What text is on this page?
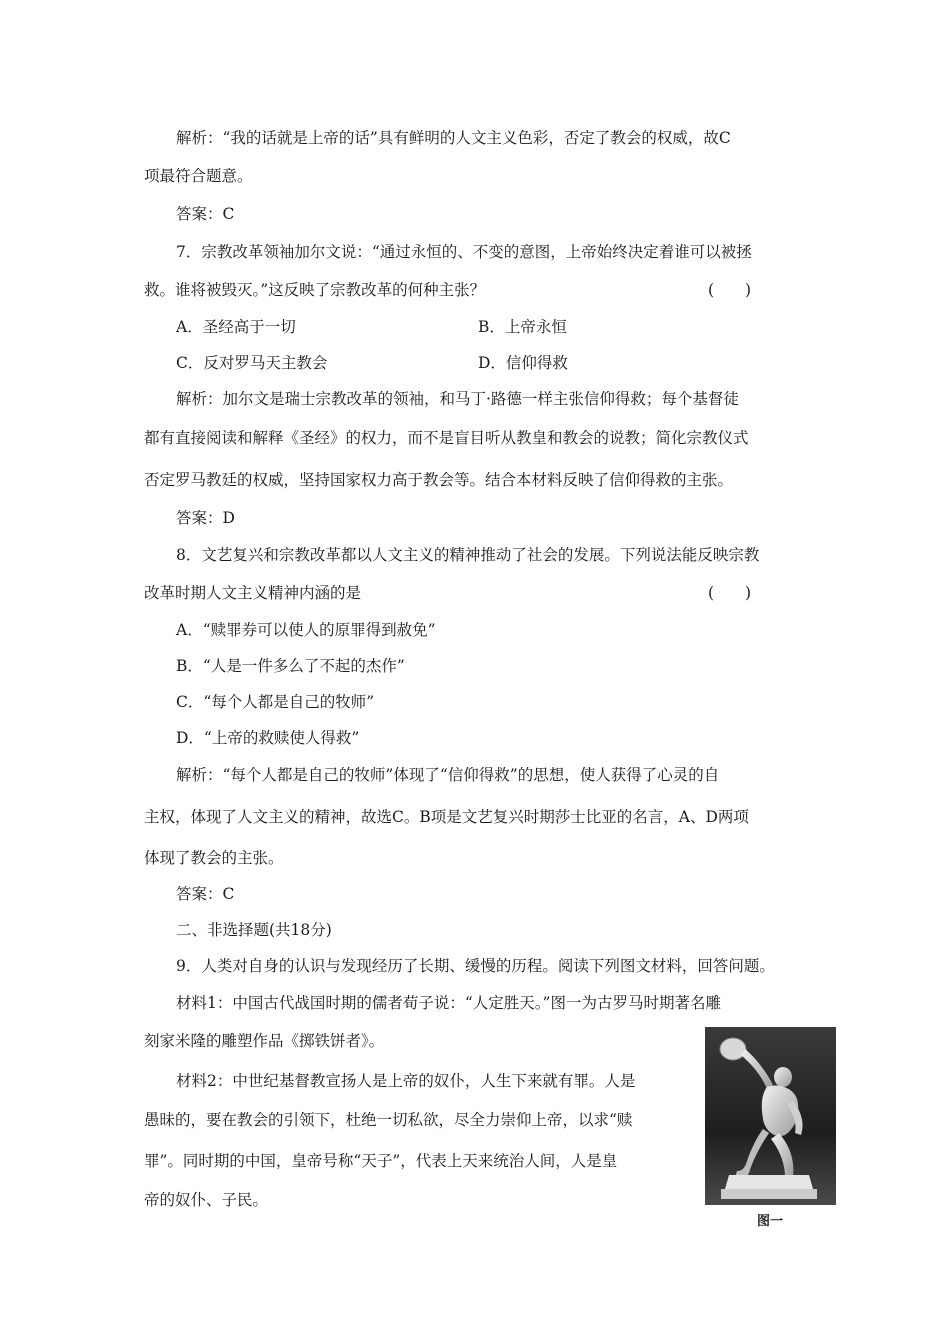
解析：“我的话就是上帝的话”具有鲜明的人文主义色彩，否定了教会的权威，故C
项最符合题意。
答案：C
7．宗教改革领袖加尔文说：“通过永恒的、不变的意图，上帝始终决定着谁可以被拯
救。谁将被毁灭。”这反映了宗教改革的何种主张？	(　　)
A．圣经高于一切	B．上帝永恒
C．反对罗马天主教会	D．信仰得救
解析：加尔文是瑞士宗教改革的领袖，和马丁·路德一样主张信仰得救；每个基督徒
都有直接阅读和解释《圣经》的权力，而不是盲目听从教皇和教会的说教；简化宗教仪式
否定罗马教廷的权威，坚持国家权力高于教会等。结合本材料反映了信仰得救的主张。
答案：D
8．文艺复兴和宗教改革都以人文主义的精神推动了社会的发展。下列说法能反映宗教
改革时期人文主义精神内涵的是	(　　)
A．“赎罪券可以使人的原罪得到赦免”
B．“人是一件多么了不起的杰作”
C．“每个人都是自己的牧师”
D．“上帝的救赎使人得救”
解析：“每个人都是自己的牧师”体现了“信仰得救”的思想，使人获得了心灵的自
主权，体现了人文主义的精神，故选C。B项是文艺复兴时期莎士比亚的名言，A、D两项
体现了教会的主张。
答案：C
二、非选择题(共18分)
9．人类对自身的认识与发现经历了长期、缓慢的历程。阅读下列图文材料，回答问题。
材料1：中国古代战国时期的儒者荀子说：“人定胜天。”图一为古罗马时期著名雕
刻家米隆的雕塑作品《掷铁饼者》。
材料2：中世纪基督教宣扬人是上帝的奴仆，人生下来就有罪。人是
愚昧的，要在教会的引领下，杜绝一切私欲，尽全力崇仰上帝，以求“赎
罪”。同时期的中国，皇帝号称“天子”，代表上天来统治人间，人是皇
帝的奴仆、子民。
图一
